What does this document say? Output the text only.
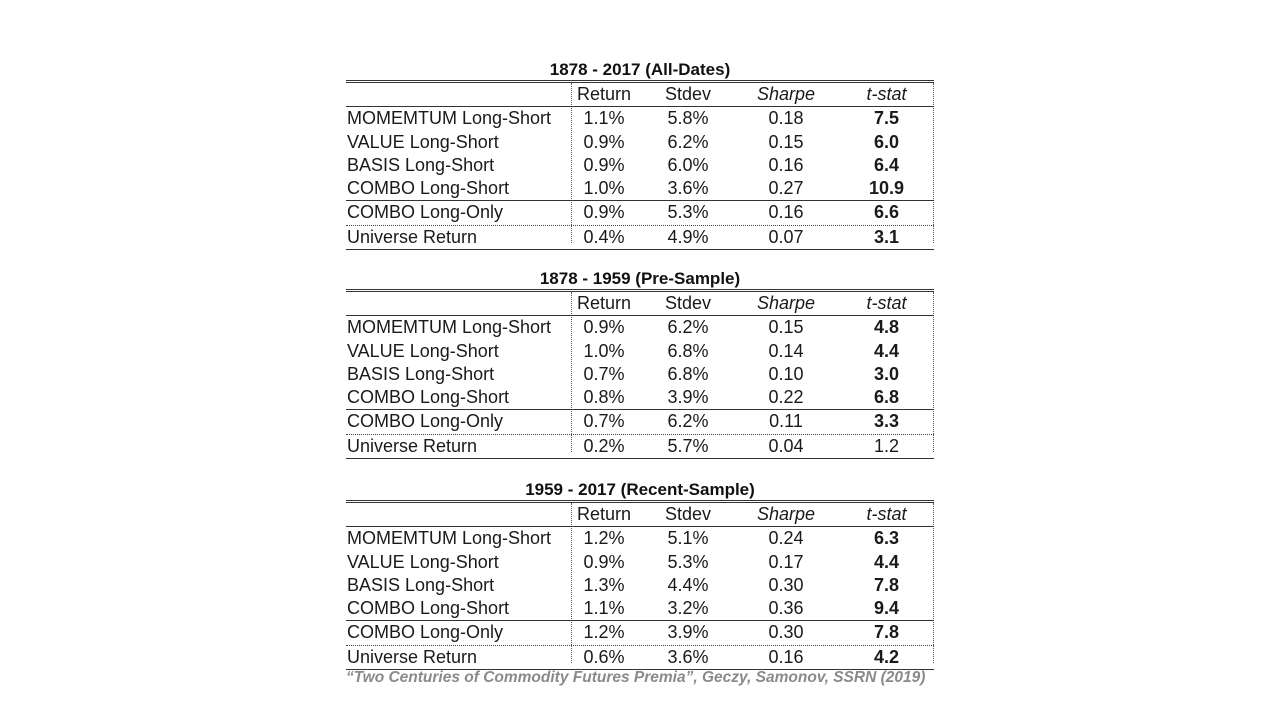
1878 - 2017 (All-Dates)
Return	Stdev	Sharpe	t-stat
MOMEMTUM Long-Short	1.1%	5.8%	0.18	7.5
VALUE Long-Short	0.9%	6.2%	0.15	6.0
BASIS Long-Short	0.9%	6.0%	0.16	6.4
COMBO Long-Short	1.0%	3.6%	0.27	10.9
COMBO Long-Only	0.9%	5.3%	0.16	6.6
Universe Return	0.4%	4.9%	0.07	3.1
1878 - 1959 (Pre-Sample)
Return	Stdev	Sharpe	t-stat
MOMEMTUM Long-Short	0.9%	6.2%	0.15	4.8
VALUE Long-Short	1.0%	6.8%	0.14	4.4
BASIS Long-Short	0.7%	6.8%	0.10	3.0
COMBO Long-Short	0.8%	3.9%	0.22	6.8
COMBO Long-Only	0.7%	6.2%	0.11	3.3
Universe Return	0.2%	5.7%	0.04	1.2
1959 - 2017 (Recent-Sample)
Return	Stdev	Sharpe	t-stat
MOMEMTUM Long-Short	1.2%	5.1%	0.24	6.3
VALUE Long-Short	0.9%	5.3%	0.17	4.4
BASIS Long-Short	1.3%	4.4%	0.30	7.8
COMBO Long-Short	1.1%	3.2%	0.36	9.4
COMBO Long-Only	1.2%	3.9%	0.30	7.8
Universe Return	0.6%	3.6%	0.16	4.2
“Two Centuries of Commodity Futures Premia”, Geczy, Samonov, SSRN (2019)
